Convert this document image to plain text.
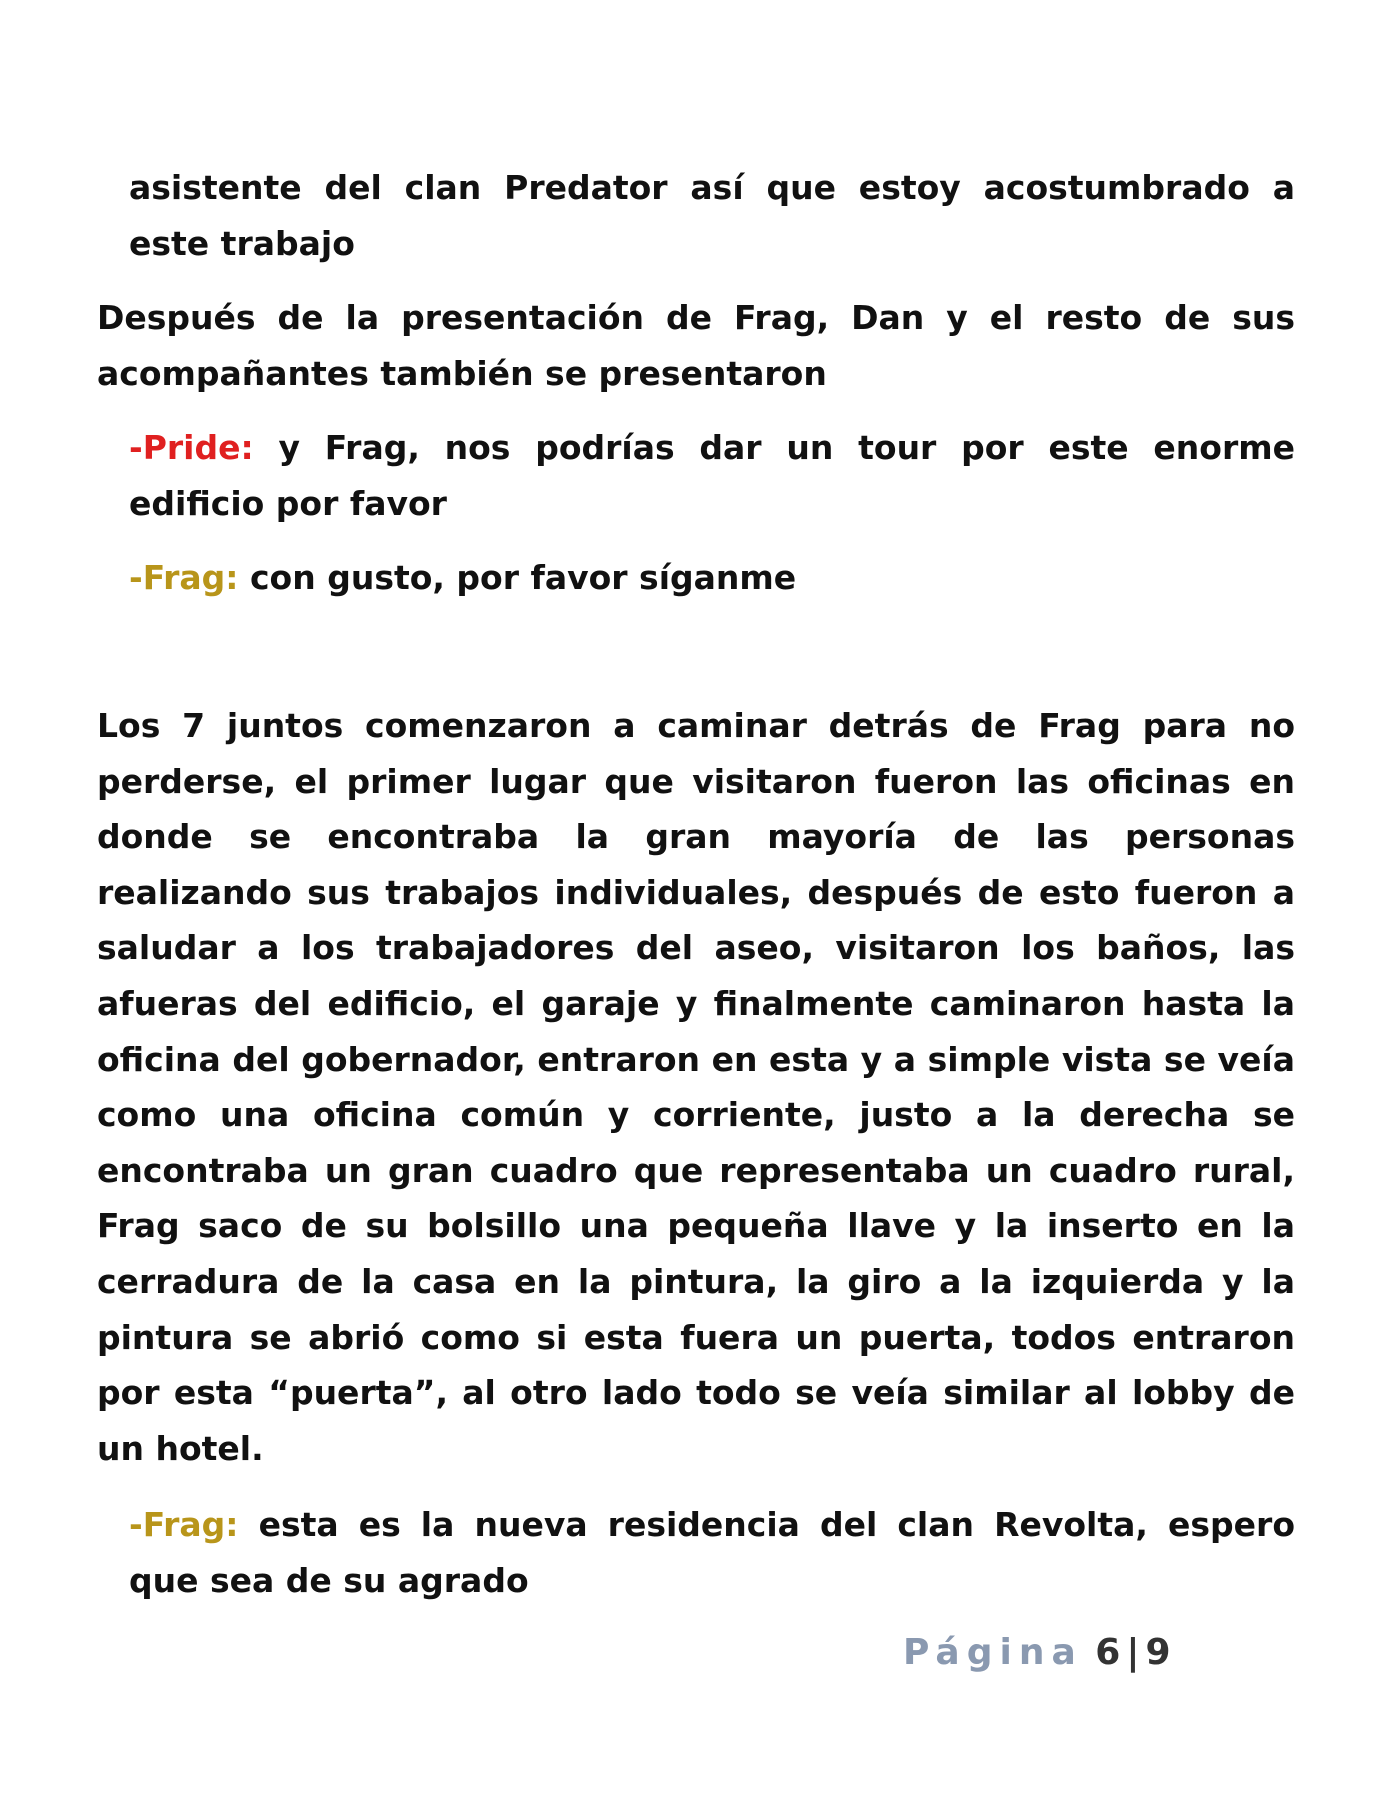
asistente del clan Predator así que estoy acostumbrado a este trabajo

Después de la presentación de Frag, Dan y el resto de sus acompañantes también se presentaron

-Pride: y Frag, nos podrías dar un tour por este enorme edificio por favor

-Frag: con gusto, por favor síganme

Los 7 juntos comenzaron a caminar detrás de Frag para no perderse, el primer lugar que visitaron fueron las oficinas en donde se encontraba la gran mayoría de las personas realizando sus trabajos individuales, después de esto fueron a saludar a los trabajadores del aseo, visitaron los baños, las afueras del edificio, el garaje y finalmente caminaron hasta la oficina del gobernador, entraron en esta y a simple vista se veía como una oficina común y corriente, justo a la derecha se encontraba un gran cuadro que representaba un cuadro rural, Frag saco de su bolsillo una pequeña llave y la inserto en la cerradura de la casa en la pintura, la giro a la izquierda y la pintura se abrió como si esta fuera un puerta, todos entraron por esta “puerta”, al otro lado todo se veía similar al lobby de un hotel.

-Frag: esta es la nueva residencia del clan Revolta, espero que sea de su agrado

Página 6 | 9
